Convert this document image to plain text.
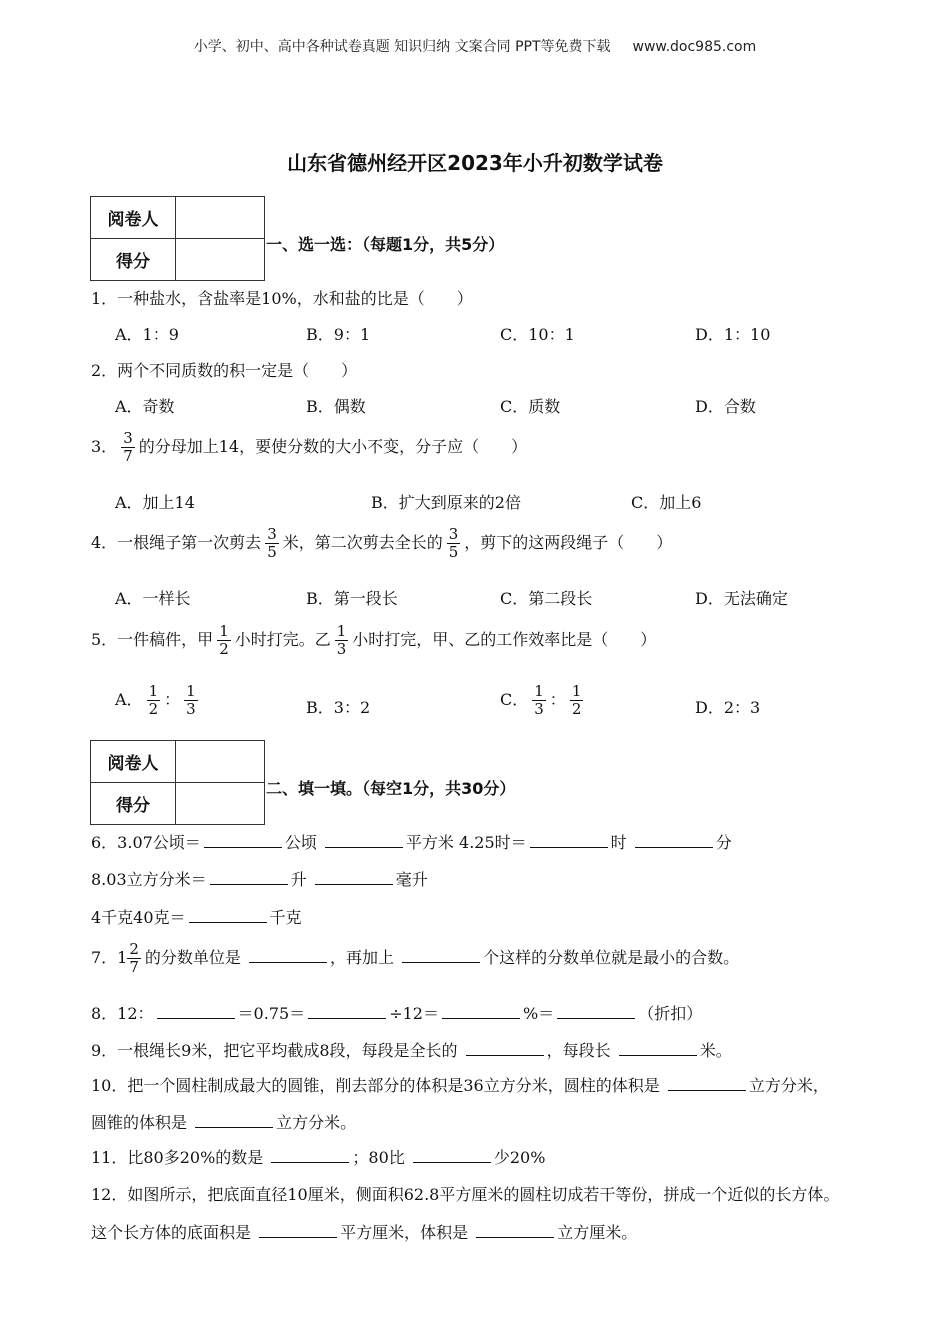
小学、初中、高中各种试卷真题 知识归纳 文案合同 PPT等免费下载 www.doc985.com
山东省德州经开区2023年小升初数学试卷
阅卷人	
得分	
一、选一选：（每题1分，共5分）
1．一种盐水，含盐率是10%，水和盐的比是（　　）
A．1：9	B．9：1	C．10：1	D．1：10
2．两个不同质数的积一定是（　　）
A．奇数	B．偶数	C．质数	D．合数
3． $\frac{3}{7}$ 的分母加上14，要使分数的大小不变，分子应（　　）
A．加上14	B．扩大到原来的2倍	C．加上6
4．一根绳子第一次剪去 $\frac{3}{5}$ 米，第二次剪去全长的 $\frac{3}{5}$ ，剪下的这两段绳子（　　）
A．一样长	B．第一段长	C．第二段长	D．无法确定
5．一件稿件，甲 $\frac{1}{2}$ 小时打完。乙 $\frac{1}{3}$ 小时打完，甲、乙的工作效率比是（　　）
A． $\frac{1}{2}$ ： $\frac{1}{3}$	B．3：2	C． $\frac{1}{3}$ ： $\frac{1}{2}$	D．2：3
阅卷人	
得分	
二、填一填。（每空1分，共30分）
6．3.07公顷＝	公顷	平方米 4.25时＝	时	分
8.03立方分米＝	升	毫升
4千克40克＝	千克
7．$1 \frac{2}{7}$ 的分数单位是	，再加上	个这样的分数单位就是最小的合数。
8．12：	＝0.75＝	÷12＝	%＝	（折扣）
9．一根绳长9米，把它平均截成8段，每段是全长的	，每段长	米。
10．把一个圆柱制成最大的圆锥，削去部分的体积是36立方分米，圆柱的体积是	立方分米，
圆锥的体积是	立方分米。
11．比80多20%的数是	；80比	少20%
12．如图所示，把底面直径10厘米，侧面积62.8平方厘米的圆柱切成若干等份，拼成一个近似的长方体。
这个长方体的底面积是	平方厘米，体积是	立方厘米。
